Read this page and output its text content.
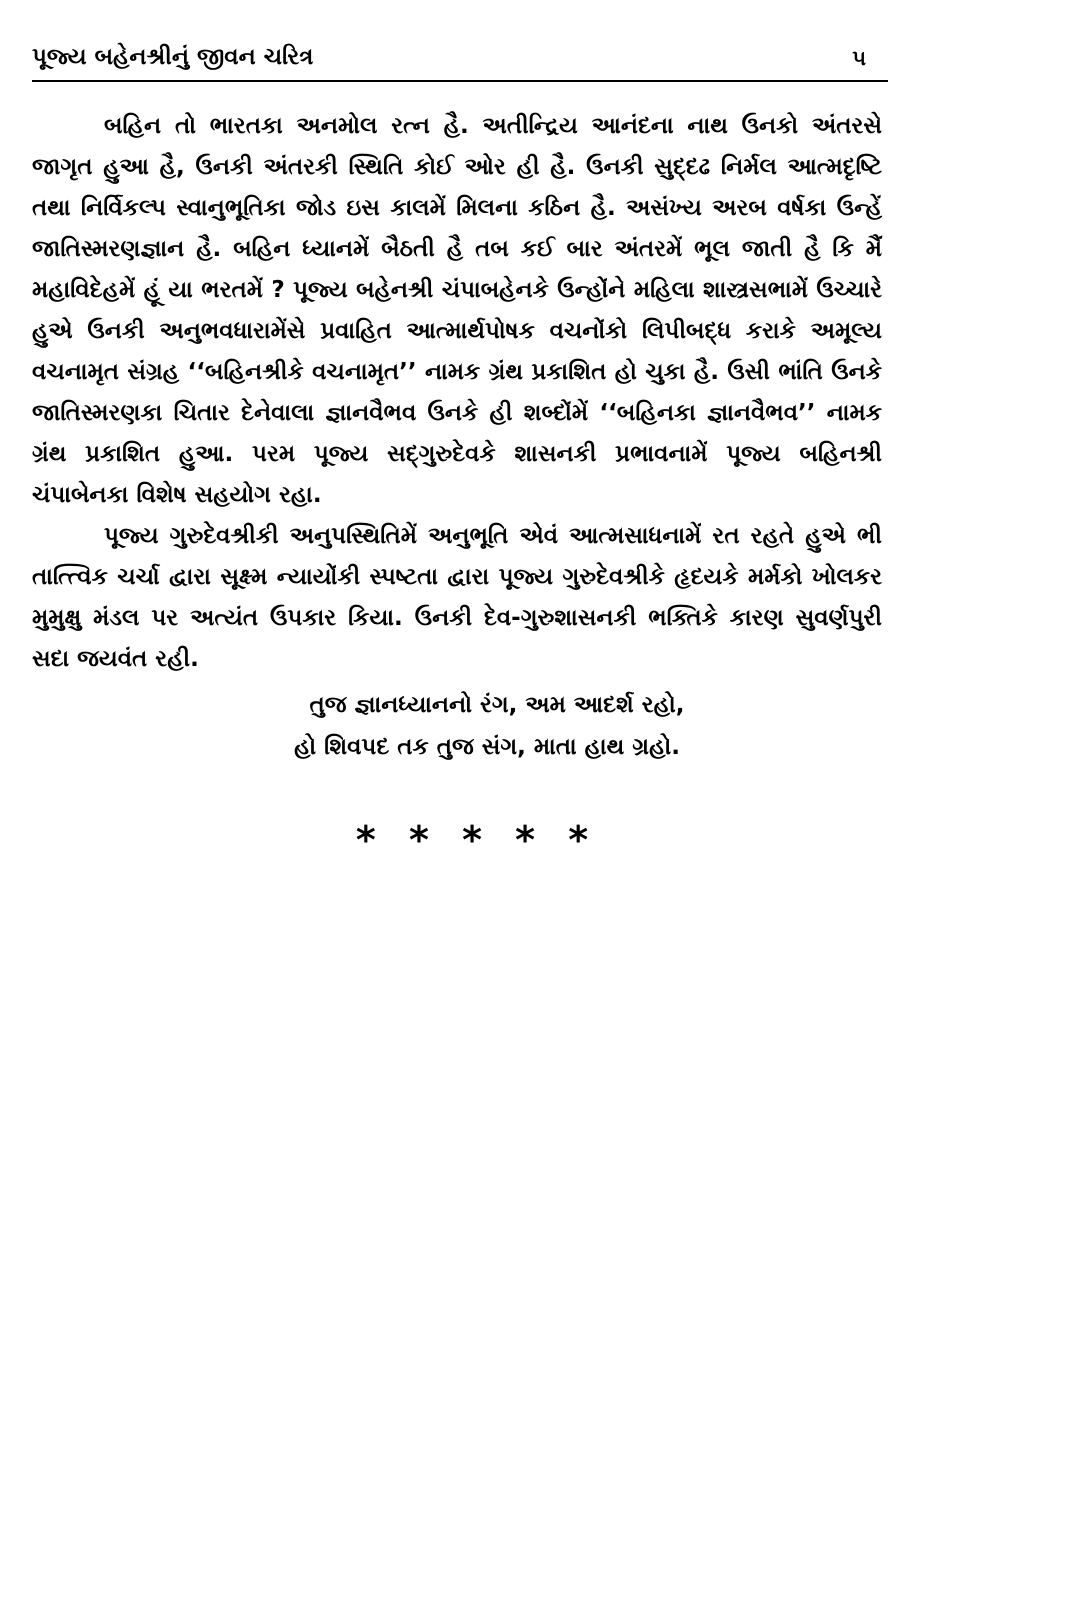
પૂજ્ય બહેનશ્રીનું જીવન ચરિત્ર	૫

બહિન તો ભારતકા અનમોલ રત્ન હૈ. અતીન્દ્રિય આનંદના નાથ ઉનકો અંતરસે જાગૃત હુઆ હૈ, ઉનકી અંતરકી સ્થિતિ કોઈ ઓર હી હૈ. ઉનકી સુદ્દઢ નિર્મલ આત્મદૃષ્ટિ તથા નિર્વિકલ્પ સ્વાનુભૂતિકા જોડ ઇસ કાલમેં મિલના કઠિન હૈ. અસંખ્ય અરબ વર્ષકા ઉન્હેં જાતિસ્મરણજ્ઞાન હૈ. બહિન ધ્યાનમેં બૈઠતી હૈ તબ કઈ બાર અંતરમેં ભૂલ જાતી હૈ કિ મૈં મહાવિદેહમેં હૂં યા ભરતમેં ? પૂજ્ય બહેનશ્રી ચંપાબહેનકે ઉન્હોંને મહિલા શાસ્ત્રસભામેં ઉચ્ચારે હુએ ઉનકી અનુભવધારામેંસે પ્રવાહિત આત્માર્થપોષક વચનોંકો લિપીબદ્ધ કરાકે અમૂલ્ય વચનામૃત સંગ્રહ ‘‘બહિનશ્રીકે વચનામૃત’’ નામક ગ્રંથ પ્રકાશિત હો ચુકા હૈ. ઉસી ભાંતિ ઉનકે જાતિસ્મરણકા ચિતાર દેનેવાલા જ્ઞાનવૈભવ ઉનકે હી શબ્દોંમેં ‘‘બહિનકા જ્ઞાનવૈભવ’’ નામક ગ્રંથ પ્રકાશિત હુઆ. પરમ પૂજ્ય સદ્ગુરુદેવકે શાસનકી પ્રભાવનામેં પૂજ્ય બહિનશ્રી ચંપાબેનકા વિશેષ સહયોગ રહા.

પૂજ્ય ગુરુદેવશ્રીકી અનુપસ્થિતિમેં અનુભૂતિ એવં આત્મસાધનામેં રત રહતે હુએ ભી તાત્ત્વિક ચર્ચા દ્વારા સૂક્ષ્મ ન્યાયોંકી સ્પષ્ટતા દ્વારા પૂજ્ય ગુરુદેવશ્રીકે હૃદયકે મર્મકો ખોલકર મુમુક્ષુ મંડલ પર અત્યંત ઉપકાર કિયા. ઉનકી દેવ-ગુરુશાસનકી ભક્તિકે કારણ સુવર્ણપુરી સદા જયવંત રહી.

તુજ જ્ઞાનધ્યાનનો રંગ, અમ આદર્શ રહો,
હો શિવપદ તક તુજ સંગ, માતા હાથ ગ્રહો.
* * * * *
